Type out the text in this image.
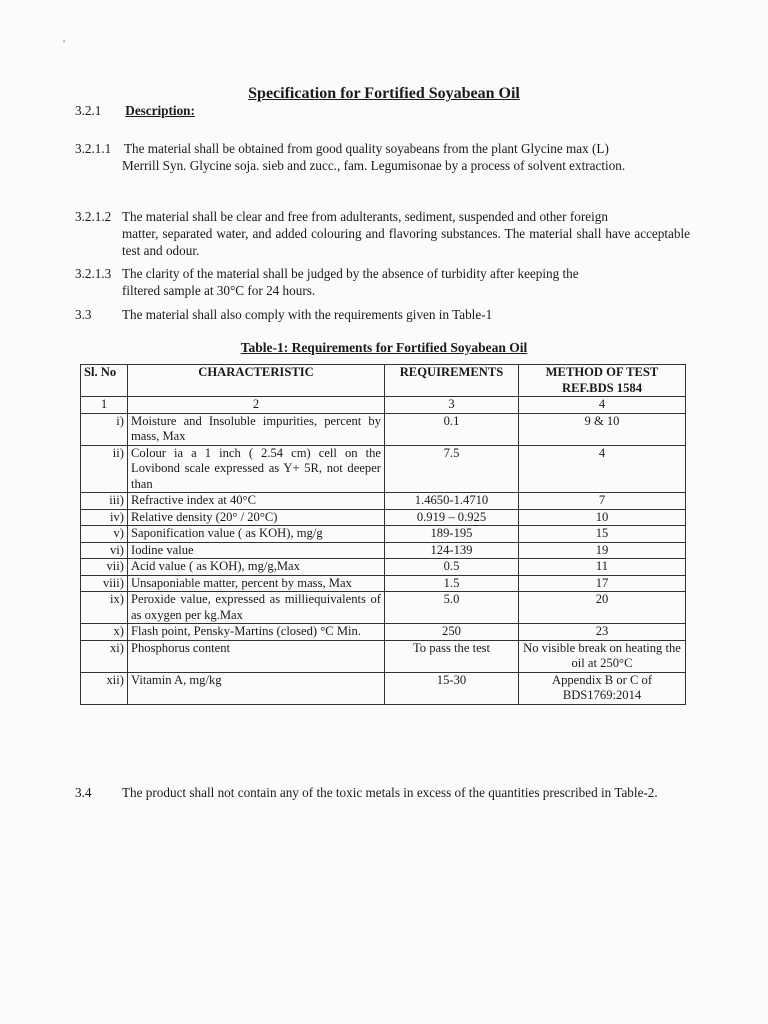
˒
Specification for Fortified Soyabean Oil
3.2.1 Description:
3.2.1.1 The material shall be obtained from good quality soyabeans from the plant Glycine max (L)
Merrill Syn. Glycine soja. sieb and zucc., fam. Legumisonae by a process of solvent extraction.
3.2.1.2 The material shall be clear and free from adulterants, sediment, suspended and other foreign
matter, separated water, and added colouring and flavoring substances. The material shall have acceptable test and odour.
3.2.1.3 The clarity of the material shall be judged by the absence of turbidity after keeping the
filtered sample at 30°C for 24 hours.
3.3 The material shall also comply with the requirements given in Table-1
Table-1: Requirements for Fortified Soyabean Oil
Sl. No	CHARACTERISTIC	REQUIREMENTS	METHOD OF TEST REF.BDS 1584
1	2	3	4
i)	Moisture and Insoluble impurities, percent by mass, Max	0.1	9 & 10
ii)	Colour ia a 1 inch ( 2.54 cm) cell on the Lovibond scale expressed as Y+ 5R, not deeper than	7.5	4
iii)	Refractive index at 40°C	1.4650-1.4710	7
iv)	Relative density (20° / 20°C)	0.919 – 0.925	10
v)	Saponification value ( as KOH), mg/g	189-195	15
vi)	Iodine value	124-139	19
vii)	Acid value ( as KOH), mg/g,Max	0.5	11
viii)	Unsaponiable matter, percent by mass, Max	1.5	17
ix)	Peroxide value, expressed as milliequivalents of as oxygen per kg.Max	5.0	20
x)	Flash point, Pensky-Martins (closed) °C Min.	250	23
xi)	Phosphorus content	To pass the test	No visible break on heating the oil at 250°C
xii)	Vitamin A, mg/kg	15-30	Appendix B or C of BDS1769:2014
3.4 The product shall not contain any of the toxic metals in excess of the quantities prescribed in Table-2.
